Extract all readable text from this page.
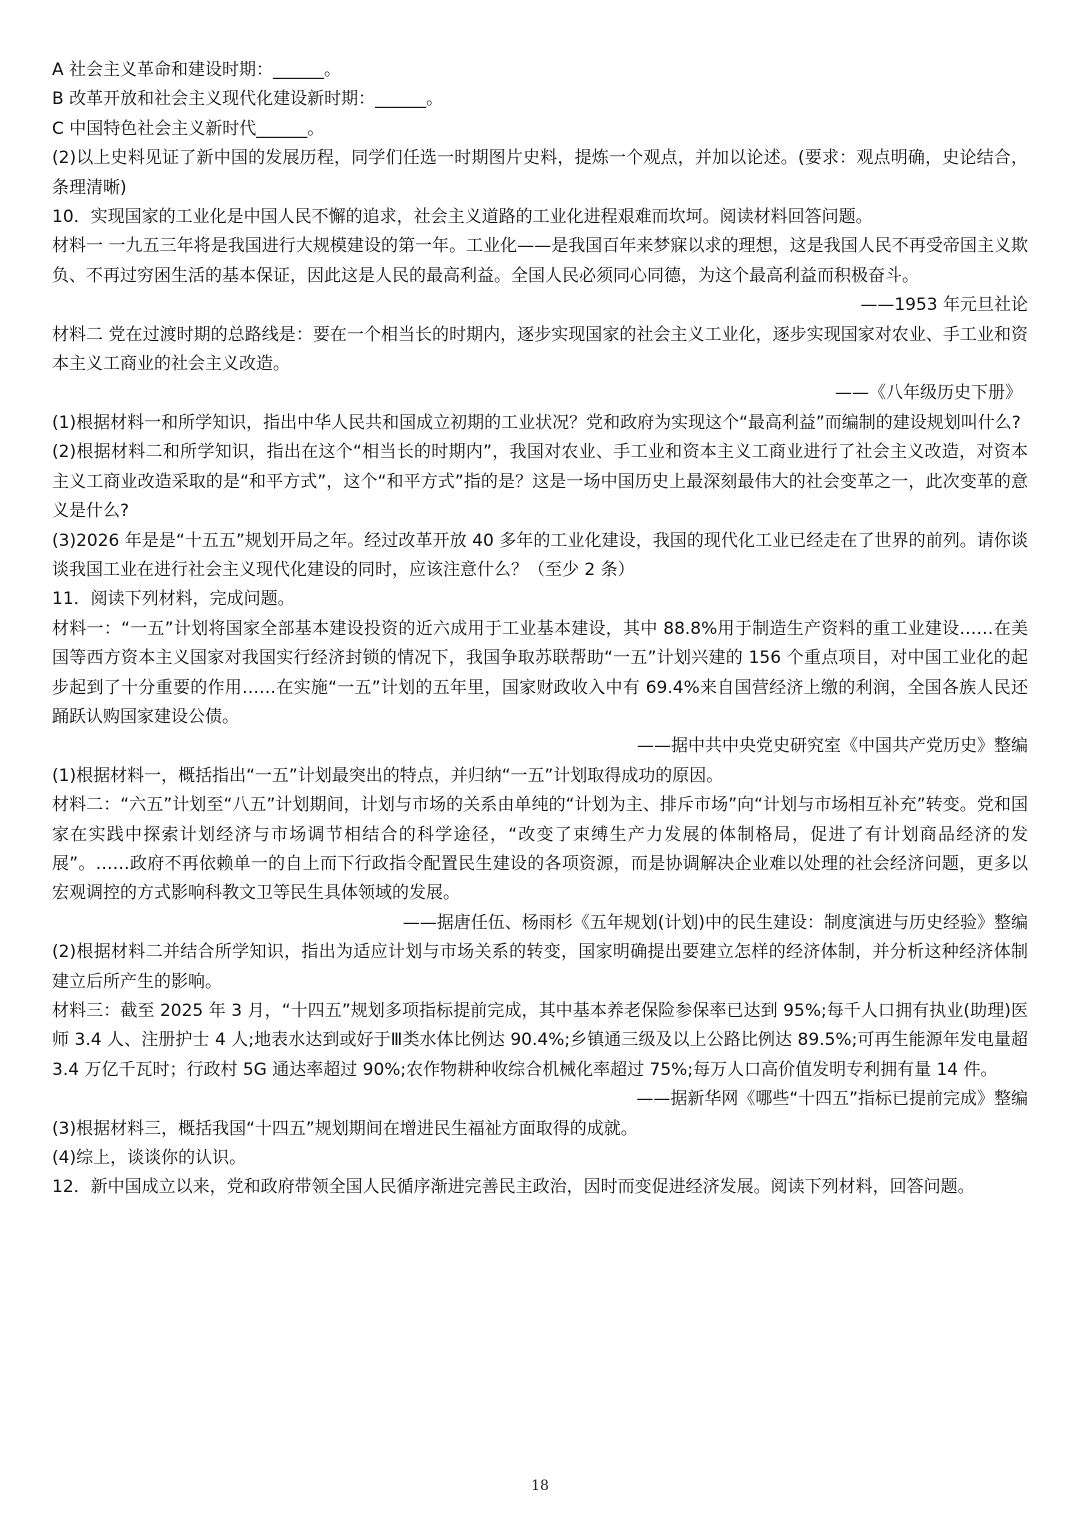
A 社会主义革命和建设时期：______。
B 改革开放和社会主义现代化建设新时期：______。
C 中国特色社会主义新时代______。
(2)以上史料见证了新中国的发展历程，同学们任选一时期图片史料，提炼一个观点，并加以论述。(要求：观点明确，史论结合，条理清晰)
10．实现国家的工业化是中国人民不懈的追求，社会主义道路的工业化进程艰难而坎坷。阅读材料回答问题。
材料一 一九五三年将是我国进行大规模建设的第一年。工业化——是我国百年来梦寐以求的理想，这是我国人民不再受帝国主义欺负、不再过穷困生活的基本保证，因此这是人民的最高利益。全国人民必须同心同德，为这个最高利益而积极奋斗。
——1953 年元旦社论
材料二 党在过渡时期的总路线是：要在一个相当长的时期内，逐步实现国家的社会主义工业化，逐步实现国家对农业、手工业和资本主义工商业的社会主义改造。
——《八年级历史下册》
(1)根据材料一和所学知识，指出中华人民共和国成立初期的工业状况？党和政府为实现这个“最高利益”而编制的建设规划叫什么?
(2)根据材料二和所学知识，指出在这个“相当长的时期内”，我国对农业、手工业和资本主义工商业进行了社会主义改造，对资本主义工商业改造采取的是“和平方式”，这个“和平方式”指的是？这是一场中国历史上最深刻最伟大的社会变革之一，此次变革的意义是什么?
(3)2026 年是是“十五五”规划开局之年。经过改革开放 40 多年的工业化建设，我国的现代化工业已经走在了世界的前列。请你谈谈我国工业在进行社会主义现代化建设的同时，应该注意什么？（至少 2 条）
11．阅读下列材料，完成问题。
材料一：“一五”计划将国家全部基本建设投资的近六成用于工业基本建设，其中 88.8%用于制造生产资料的重工业建设……在美国等西方资本主义国家对我国实行经济封锁的情况下，我国争取苏联帮助“一五”计划兴建的 156 个重点项目，对中国工业化的起步起到了十分重要的作用……在实施“一五”计划的五年里，国家财政收入中有 69.4%来自国营经济上缴的利润，全国各族人民还踊跃认购国家建设公债。
——据中共中央党史研究室《中国共产党历史》整编
(1)根据材料一，概括指出“一五”计划最突出的特点，并归纳“一五”计划取得成功的原因。
材料二：“六五”计划至“八五”计划期间，计划与市场的关系由单纯的“计划为主、排斥市场”向“计划与市场相互补充”转变。党和国家在实践中探索计划经济与市场调节相结合的科学途径，“改变了束缚生产力发展的体制格局，促进了有计划商品经济的发展”。……政府不再依赖单一的自上而下行政指令配置民生建设的各项资源，而是协调解决企业难以处理的社会经济问题，更多以宏观调控的方式影响科教文卫等民生具体领域的发展。
——据唐任伍、杨雨杉《五年规划(计划)中的民生建设：制度演进与历史经验》整编
(2)根据材料二并结合所学知识，指出为适应计划与市场关系的转变，国家明确提出要建立怎样的经济体制，并分析这种经济体制建立后所产生的影响。
材料三：截至 2025 年 3 月，“十四五”规划多项指标提前完成，其中基本养老保险参保率已达到 95%;每千人口拥有执业(助理)医师 3.4 人、注册护士 4 人;地表水达到或好于Ⅲ类水体比例达 90.4%;乡镇通三级及以上公路比例达 89.5%;可再生能源年发电量超 3.4 万亿千瓦时；行政村 5G 通达率超过 90%;农作物耕种收综合机械化率超过 75%;每万人口高价值发明专利拥有量 14 件。
——据新华网《哪些“十四五”指标已提前完成》整编
(3)根据材料三，概括我国“十四五”规划期间在增进民生福祉方面取得的成就。
(4)综上，谈谈你的认识。
12．新中国成立以来，党和政府带领全国人民循序渐进完善民主政治，因时而变促进经济发展。阅读下列材料，回答问题。
18
